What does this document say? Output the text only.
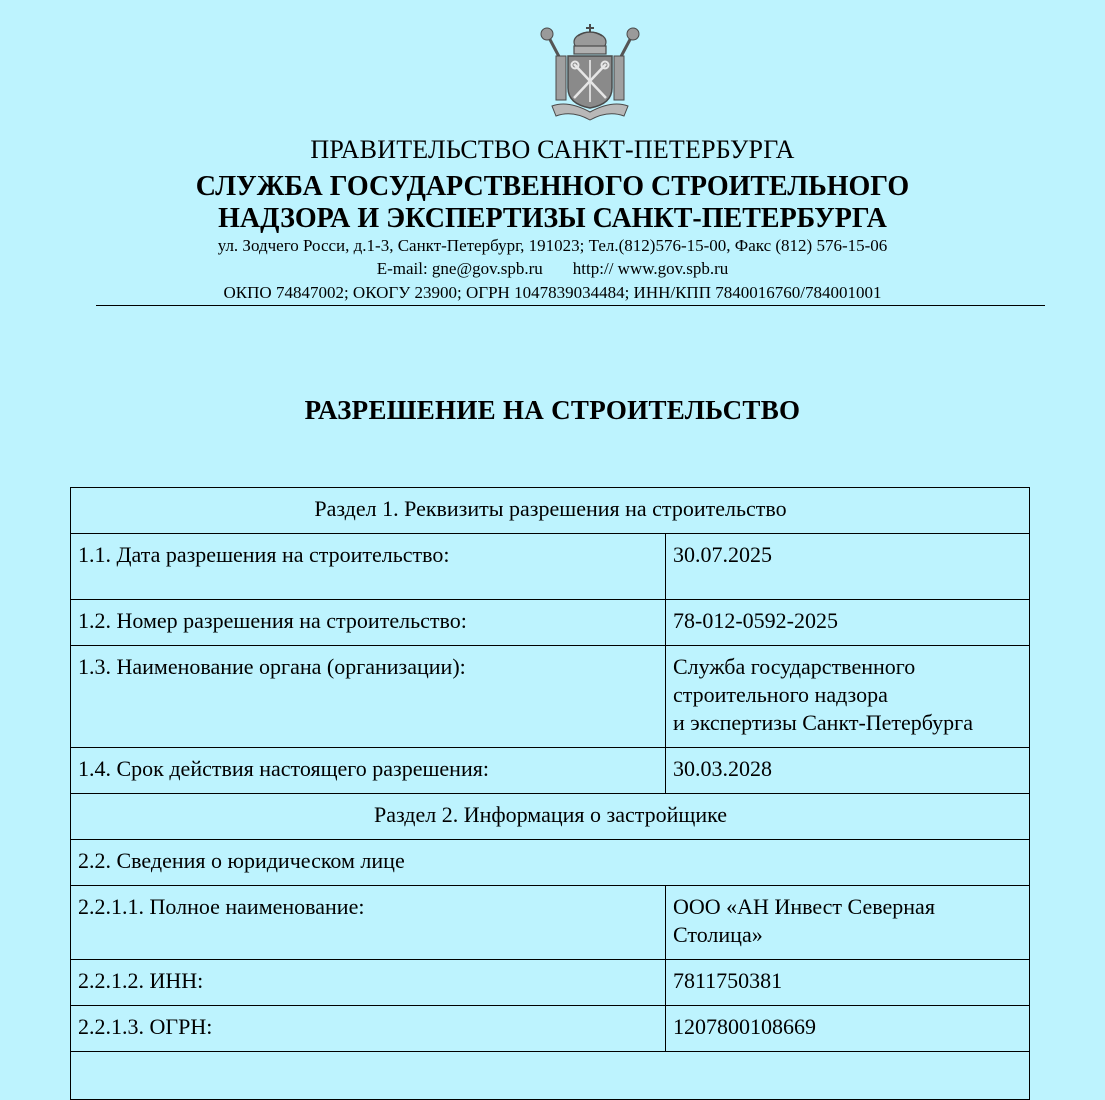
ПРАВИТЕЛЬСТВО САНКТ-ПЕТЕРБУРГА
СЛУЖБА ГОСУДАРСТВЕННОГО СТРОИТЕЛЬНОГО
НАДЗОРА И ЭКСПЕРТИЗЫ САНКТ-ПЕТЕРБУРГА
ул. Зодчего Росси, д.1-3, Санкт-Петербург, 191023; Тел.(812)576-15-00, Факс (812) 576-15-06
E-mail: gne@gov.spb.ru http:// www.gov.spb.ru
ОКПО 74847002; ОКОГУ 23900; ОГРН 1047839034484; ИНН/КПП 7840016760/784001001
РАЗРЕШЕНИЕ НА СТРОИТЕЛЬСТВО
Раздел 1. Реквизиты разрешения на строительство	
1.1. Дата разрешения на строительство:	30.07.2025
1.2. Номер разрешения на строительство:	78-012-0592-2025
1.3. Наименование органа (организации):	Служба государственного
строительного надзора
и экспертизы Санкт-Петербурга

1.4. Срок действия настоящего разрешения:	30.03.2028
Раздел 2. Информация о застройщике	
2.2. Сведения о юридическом лице	
2.2.1.1. Полное наименование:	ООО «АН Инвест Северная
Столица»

2.2.1.2. ИНН:	7811750381
2.2.1.3. ОГРН:	1207800108669
